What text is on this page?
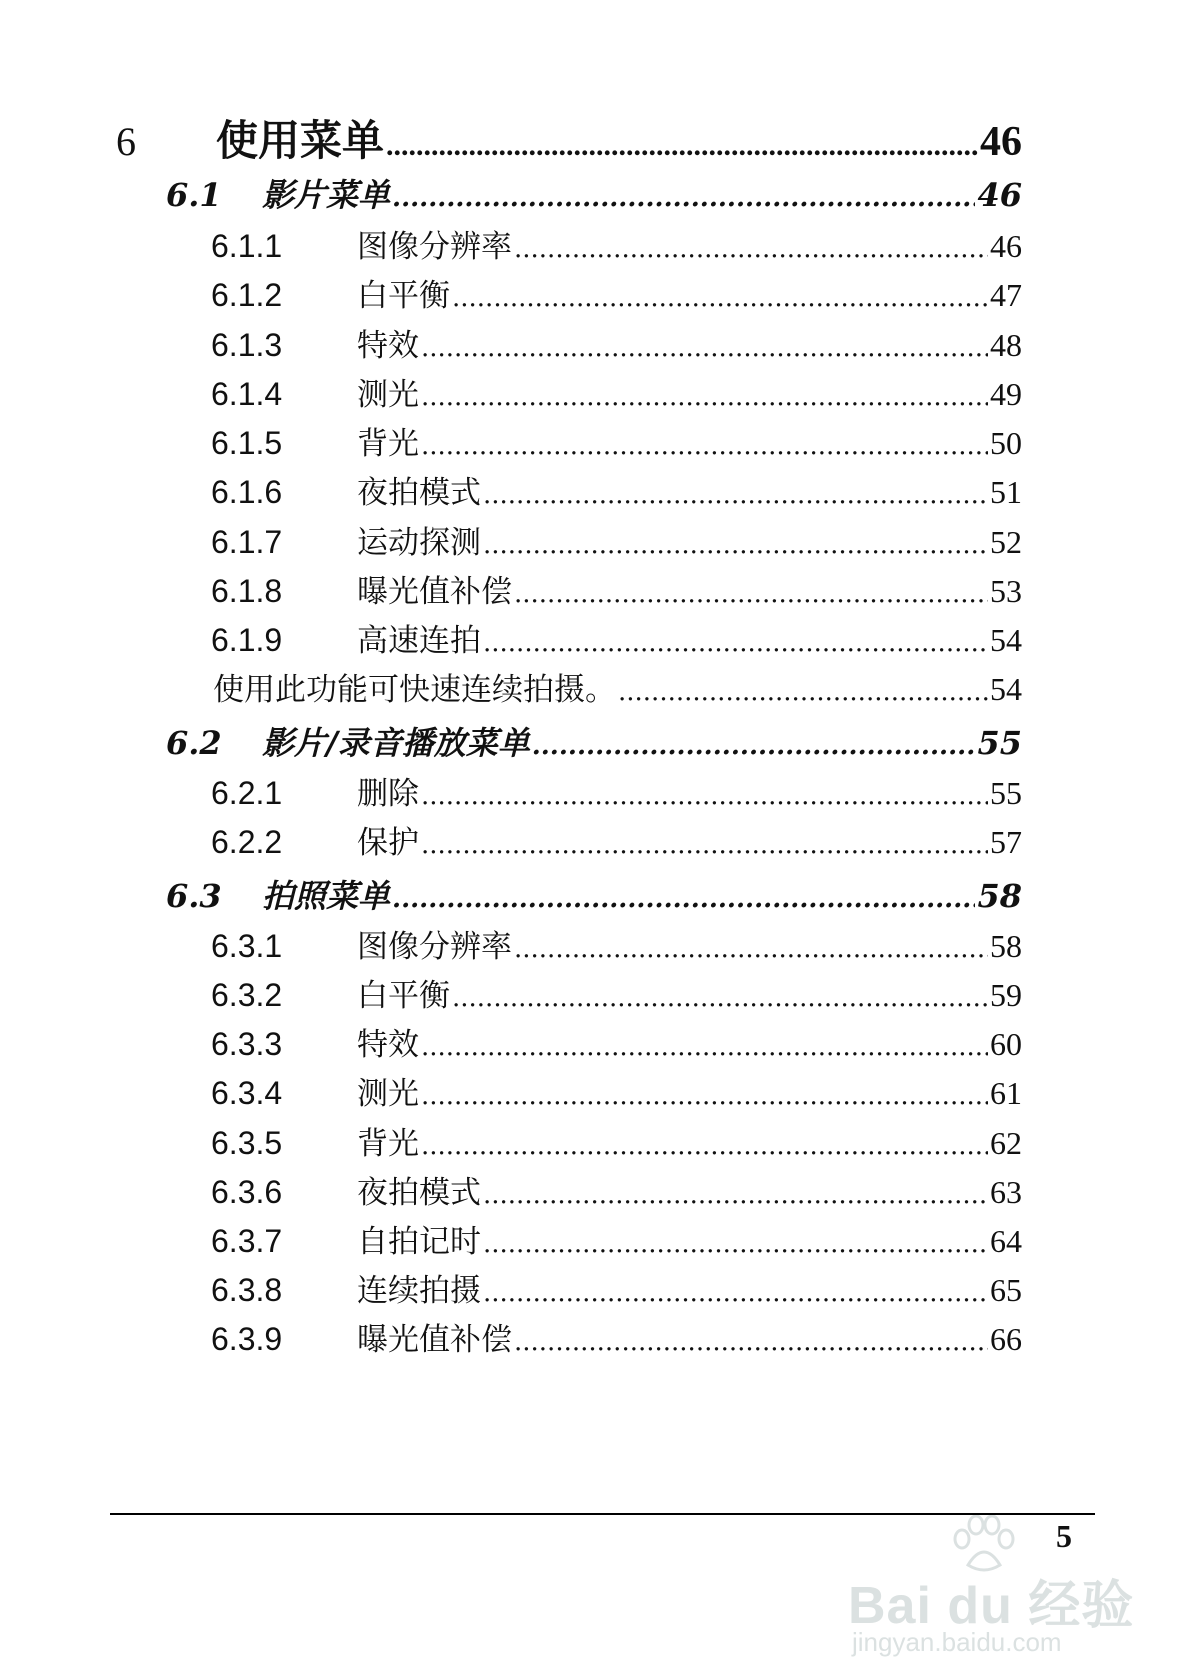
6	使用菜单 .....	46
6.1	影片菜单 .....	46
6.1.1	图像分辨率 .....	46
6.1.2	白平衡 .....	47
6.1.3	特效 .....	48
6.1.4	测光 .....	49
6.1.5	背光 .....	50
6.1.6	夜拍模式 .....	51
6.1.7	运动探测 .....	52
6.1.8	曝光值补偿 .....	53
6.1.9	高速连拍 .....	54
使用此功能可快速连续拍摄。 .....	54
6.2	影片/录音播放菜单 .....	55
6.2.1	删除 .....	55
6.2.2	保护 .....	57
6.3	拍照菜单 .....	58
6.3.1	图像分辨率 .....	58
6.3.2	白平衡 .....	59
6.3.3	特效 .....	60
6.3.4	测光 .....	61
6.3.5	背光 .....	62
6.3.6	夜拍模式 .....	63
6.3.7	自拍记时 .....	64
6.3.8	连续拍摄 .....	65
6.3.9	曝光值补偿 .....	66
5
Bai du 经验
jingyan.baidu.com
